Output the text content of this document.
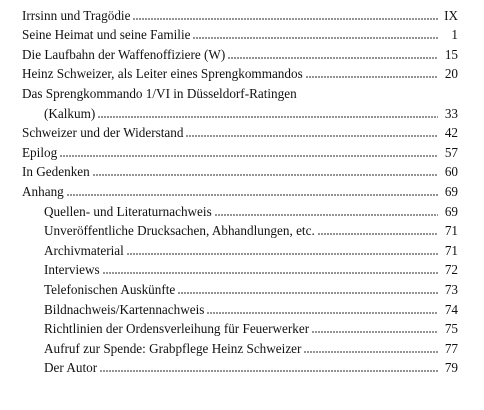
Irrsinn und Tragödie	IX
Seine Heimat und seine Familie	1
Die Laufbahn der Waffenoffiziere (W)	15
Heinz Schweizer, als Leiter eines Sprengkommandos	20
Das Sprengkommando 1/VI in Düsseldorf-Ratingen
(Kalkum)	33
Schweizer und der Widerstand	42
Epilog	57
In Gedenken	60
Anhang	69
Quellen- und Literaturnachweis	69
Unveröffentliche Drucksachen, Abhandlungen, etc.	71
Archivmaterial	71
Interviews	72
Telefonischen Auskünfte	73
Bildnachweis/Kartennachweis	74
Richtlinien der Ordensverleihung für Feuerwerker	75
Aufruf zur Spende: Grabpflege Heinz Schweizer	77
Der Autor	79
